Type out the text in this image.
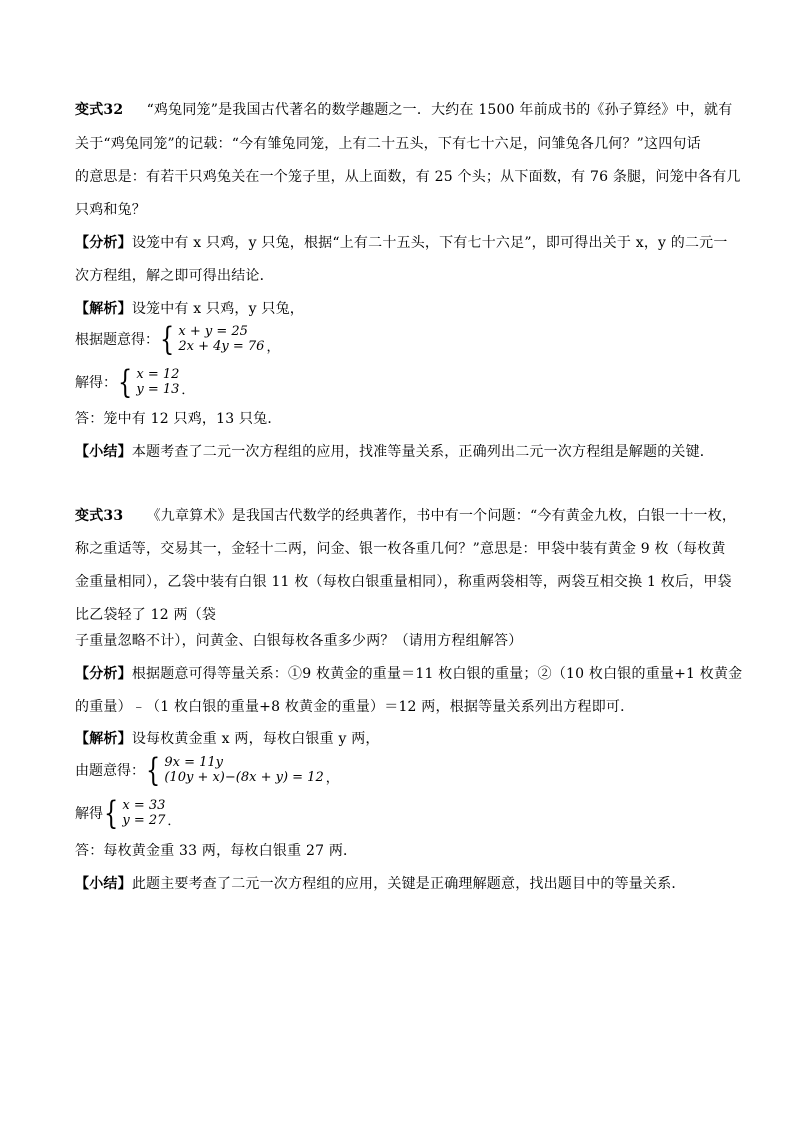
变式32 “鸡兔同笼”是我国古代著名的数学趣题之一．大约在 1500 年前成书的《孙子算经》中，就有
关于“鸡兔同笼”的记载：“今有雏兔同笼，上有二十五头，下有七十六足，问雏兔各几何？”这四句话
的意思是：有若干只鸡兔关在一个笼子里，从上面数，有 25 个头；从下面数，有 76 条腿，问笼中各有几
只鸡和兔？
【分析】设笼中有 x 只鸡，y 只兔，根据“上有二十五头，下有七十六足”，即可得出关于 x，y 的二元一
次方程组，解之即可得出结论．
【解析】设笼中有 x 只鸡，y 只兔，
根据题意得： { x + y = 25
2x + 4y = 76 ，
解得： { x = 12
y = 13 ．
答：笼中有 12 只鸡，13 只兔．
【小结】本题考查了二元一次方程组的应用，找准等量关系，正确列出二元一次方程组是解题的关键．
变式33 《九章算术》是我国古代数学的经典著作，书中有一个问题：“今有黄金九枚，白银一十一枚，
称之重适等，交易其一，金轻十二两，问金、银一枚各重几何？”意思是：甲袋中装有黄金 9 枚（每枚黄
金重量相同），乙袋中装有白银 11 枚（每枚白银重量相同），称重两袋相等，两袋互相交换 1 枚后，甲袋
比乙袋轻了 12 两（袋
子重量忽略不计），问黄金、白银每枚各重多少两？（请用方程组解答）
【分析】根据题意可得等量关系：①9 枚黄金的重量＝11 枚白银的重量；②（10 枚白银的重量+1 枚黄金
的重量）﹣（1 枚白银的重量+8 枚黄金的重量）＝12 两，根据等量关系列出方程即可．
【解析】设每枚黄金重 x 两，每枚白银重 y 两，
由题意得： { 9x = 11y
(10y + x)−(8x + y) = 12 ，
解得 { x = 33
y = 27 ．
答：每枚黄金重 33 两，每枚白银重 27 两．
【小结】此题主要考查了二元一次方程组的应用，关键是正确理解题意，找出题目中的等量关系．
